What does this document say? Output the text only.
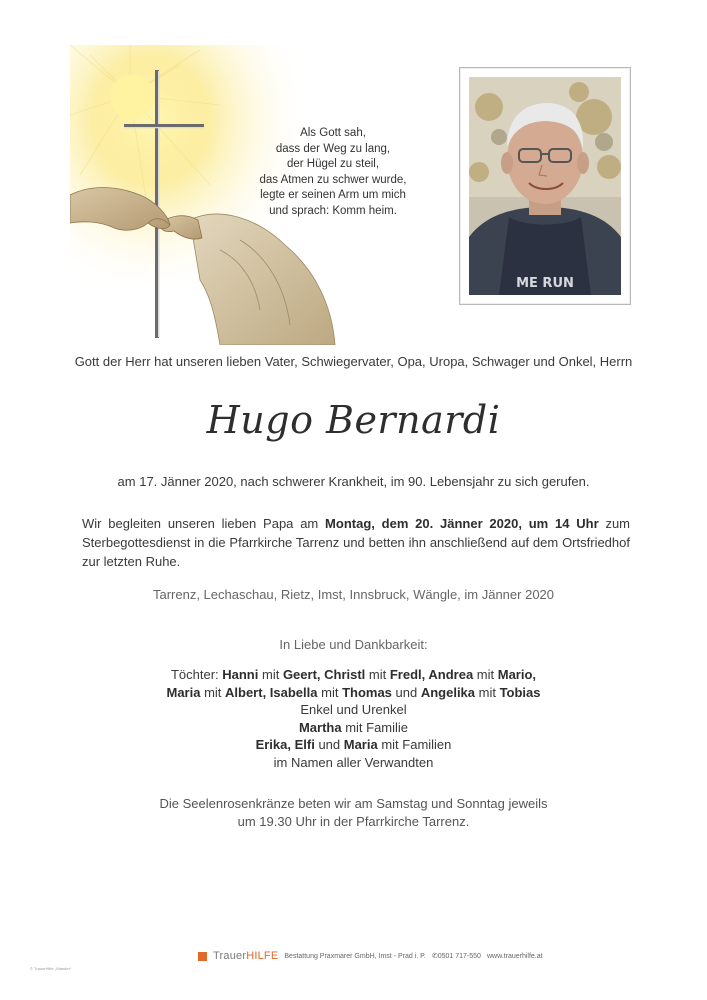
Als Gott sah,
dass der Weg zu lang,
der Hügel zu steil,
das Atmen zu schwer wurde,
legte er seinen Arm um mich
und sprach: Komm heim.
ME RUN
Gott der Herr hat unseren lieben Vater, Schwiegervater, Opa, Uropa, Schwager und Onkel, Herrn
Hugo Bernardi
am 17. Jänner 2020, nach schwerer Krankheit, im 90. Lebensjahr zu sich gerufen.
Wir begleiten unseren lieben Papa am Montag, dem 20. Jänner 2020, um 14 Uhr zum Sterbegottesdienst in die Pfarrkirche Tarrenz und betten ihn anschließend auf dem Ortsfriedhof zur letzten Ruhe.
Tarrenz, Lechaschau, Rietz, Imst, Innsbruck, Wängle, im Jänner 2020
In Liebe und Dankbarkeit:
Töchter: Hanni mit Geert, Christl mit Fredl, Andrea mit Mario,
Maria mit Albert, Isabella mit Thomas und Angelika mit Tobias
Enkel und Urenkel
Martha mit Familie
Erika, Elfi und Maria mit Familien
im Namen aller Verwandten
Die Seelenrosenkränze beten wir am Samstag und Sonntag jeweils
um 19.30 Uhr in der Pfarrkirche Tarrenz.
TrauerHILFE Bestattung Praxmarer GmbH, Imst - Prad i. P. ✆0501 717-550 www.trauerhilfe.at
© TrauerHilfe „Wander“
